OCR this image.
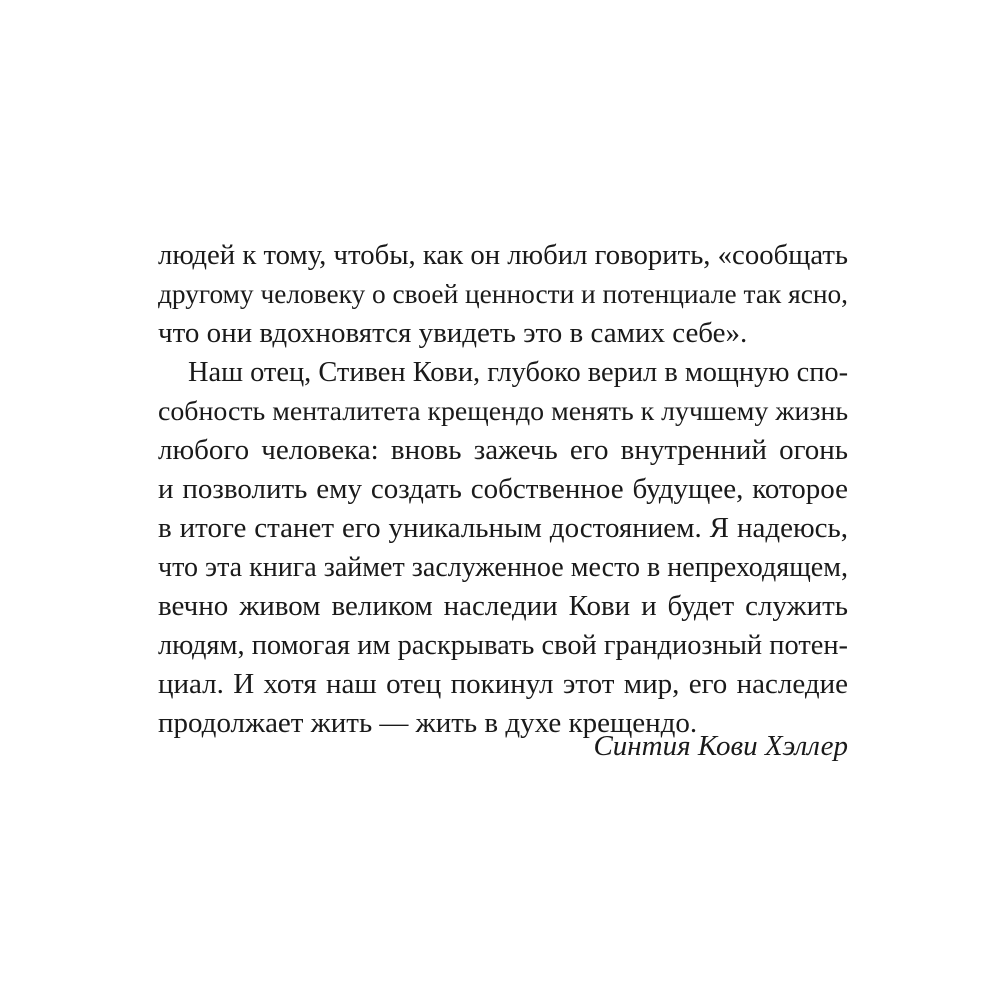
людей к тому, чтобы, как он любил говорить, «сообщать
другому человеку о своей ценности и потенциале так ясно,
что они вдохновятся увидеть это в самих себе».
Наш отец, Стивен Кови, глубоко верил в мощную спо-
собность менталитета крещендо менять к лучшему жизнь
любого человека: вновь зажечь его внутренний огонь
и позволить ему создать собственное будущее, которое
в итоге станет его уникальным достоянием. Я надеюсь,
что эта книга займет заслуженное место в непреходящем,
вечно живом великом наследии Кови и будет служить
людям, помогая им раскрывать свой грандиозный потен-
циал. И хотя наш отец покинул этот мир, его наследие
продолжает жить — жить в духе крещендо.
Синтия Кови Хэллер
